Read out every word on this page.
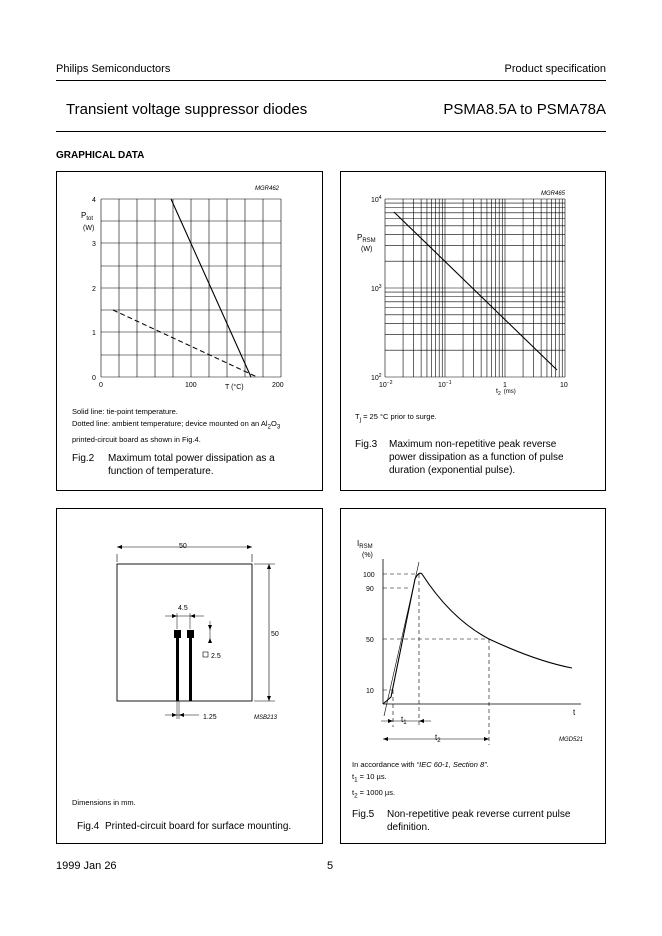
Philips Semiconductors	Product specification
Transient voltage suppressor diodes	PSMA8.5A to PSMA78A
GRAPHICAL DATA
MGR462
$P_{tot}$
(W)
4
3
2
1
0
0	100	200
T (°C)
Solid line: tie-point temperature.
Dotted line: ambient temperature; device mounted on an $Al_2O_3$
printed-circuit board as shown in Fig.4.
Fig.2	Maximum total power dissipation as a function of temperature.
MGR465
$P_{RSM}$
(W)
$10^4$
$10^3$
$10^2$
$10^{-2}$	$10^{-1}$	1	10
$t_2$ (ms)
$T_j = 25$ °C prior to surge.
Fig.3	Maximum non-repetitive peak reverse power dissipation as a function of pulse duration (exponential pulse).
50
50
4.5
2.5
1.25	MSB213
Dimensions in mm.
Fig.4 Printed-circuit board for surface mounting.
$I_{RSM}$
(%)
100
90
50
10
t
$t_1$
$t_2$	MGD521
In accordance with “IEC 60-1, Section 8”.
$t_1 = 10$ µs.
$t_2 = 1000$ µs.
Fig.5	Non-repetitive peak reverse current pulse definition.
1999 Jan 26	5
